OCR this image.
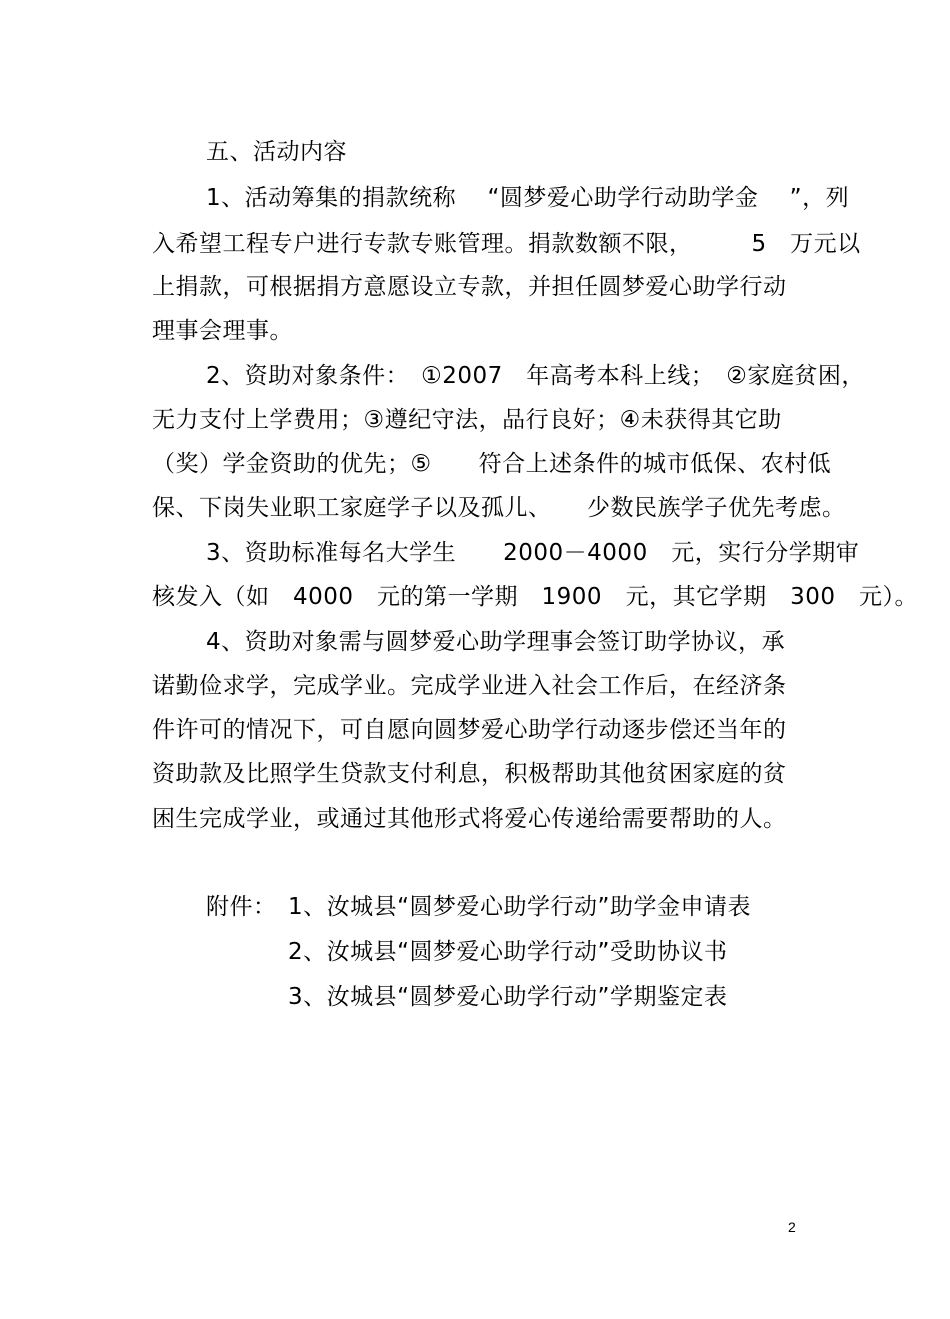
五、活动内容
1、活动筹集的捐款统称　 “圆梦爱心助学行动助学金　 ”，列
入希望工程专户进行专款专账管理。捐款数额不限，　　　5　万元以
上捐款，可根据捐方意愿设立专款，并担任圆梦爱心助学行动
理事会理事。
2、资助对象条件：　①2007　年高考本科上线；　②家庭贫困，
无力支付上学费用；③遵纪守法，品行良好；④未获得其它助
（奖）学金资助的优先；⑤　　符合上述条件的城市低保、农村低
保、下岗失业职工家庭学子以及孤儿、　　少数民族学子优先考虑。
3、资助标准每名大学生　　2000－4000　元，实行分学期审
核发入（如　4000　元的第一学期　1900　元，其它学期　300　元）。
4、资助对象需与圆梦爱心助学理事会签订助学协议，承
诺勤俭求学，完成学业。完成学业进入社会工作后，在经济条
件许可的情况下，可自愿向圆梦爱心助学行动逐步偿还当年的
资助款及比照学生贷款支付利息，积极帮助其他贫困家庭的贫
困生完成学业，或通过其他形式将爱心传递给需要帮助的人。
附件： 1、汝城县“圆梦爱心助学行动”助学金申请表
2、汝城县“圆梦爱心助学行动”受助协议书
3、汝城县“圆梦爱心助学行动”学期鉴定表
2
